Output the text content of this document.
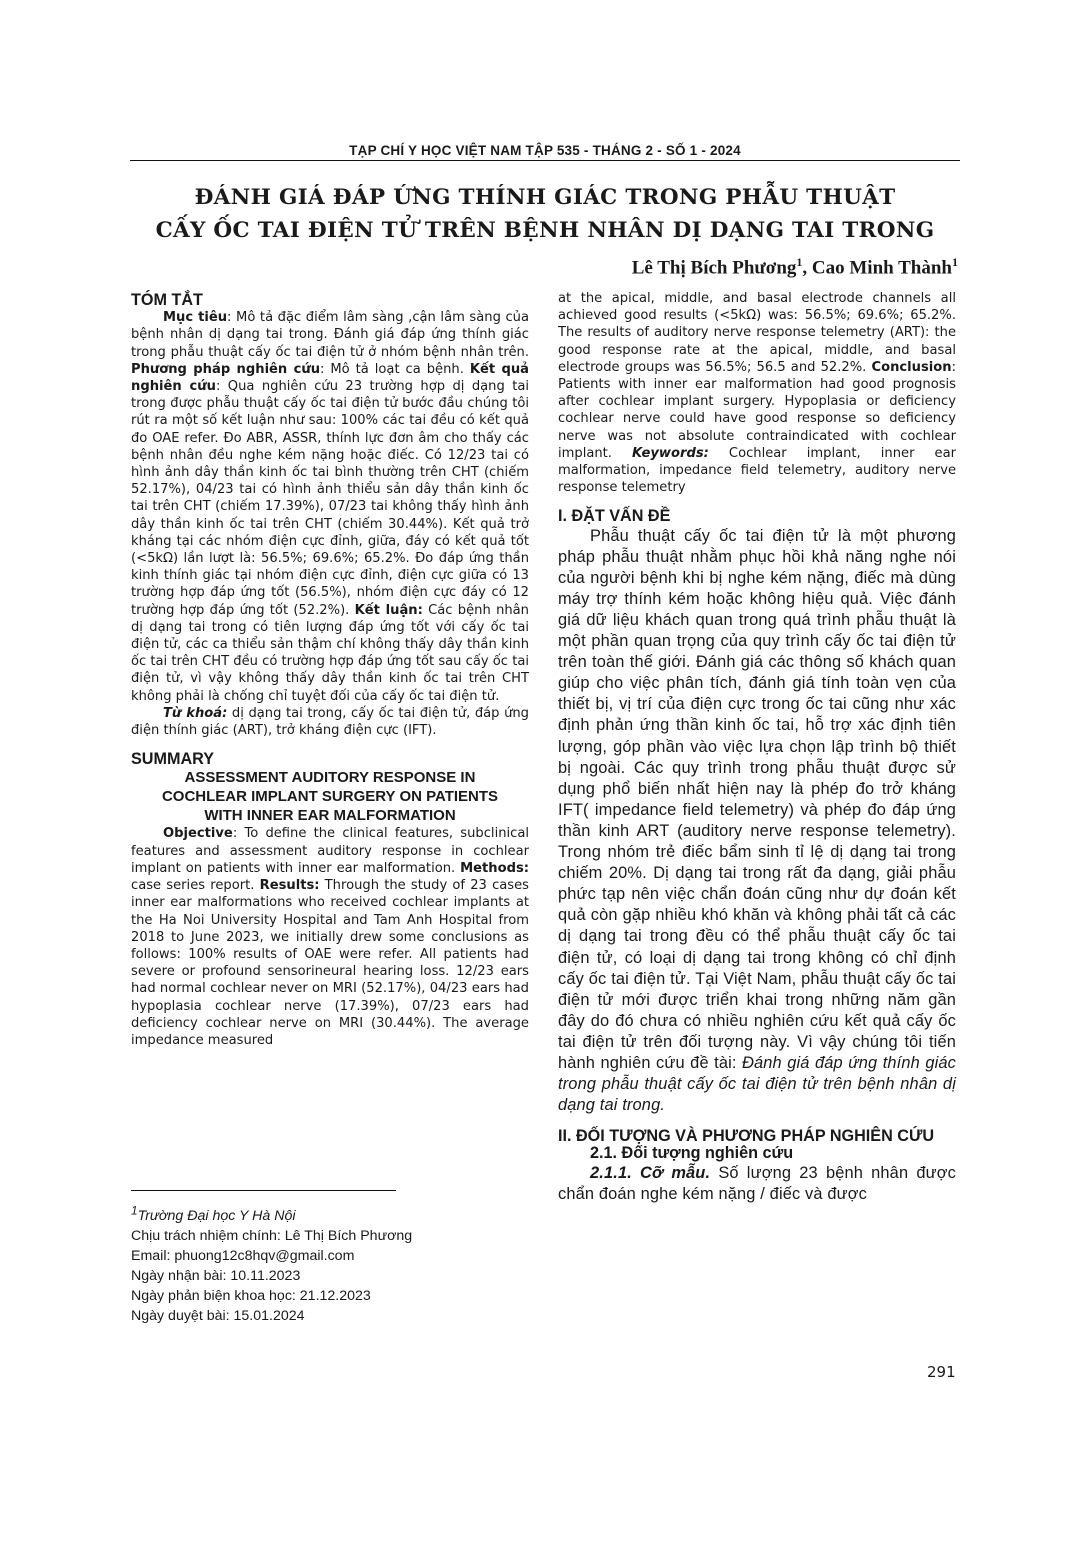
TẠP CHÍ Y HỌC VIỆT NAM TẬP 535 - THÁNG 2 - SỐ 1 - 2024
ĐÁNH GIÁ ĐÁP ỨNG THÍNH GIÁC TRONG PHẪU THUẬT
CẤY ỐC TAI ĐIỆN TỬ TRÊN BỆNH NHÂN DỊ DẠNG TAI TRONG
Lê Thị Bích Phương$^1$, Cao Minh Thành$^1$
TÓM TẮT

Mục tiêu: Mô tả đặc điểm lâm sàng ,cận lâm sàng của bệnh nhân dị dạng tai trong. Đánh giá đáp ứng thính giác trong phẫu thuật cấy ốc tai điện tử ở nhóm bệnh nhân trên. Phương pháp nghiên cứu: Mô tả loạt ca bệnh. Kết quả nghiên cứu: Qua nghiên cứu 23 trường hợp dị dạng tai trong được phẫu thuật cấy ốc tai điện tử bước đầu chúng tôi rút ra một số kết luận như sau: 100% các tai đều có kết quả đo OAE refer. Đo ABR, ASSR, thính lực đơn âm cho thấy các bệnh nhân đều nghe kém nặng hoặc điếc. Có 12/23 tai có hình ảnh dây thần kinh ốc tai bình thường trên CHT (chiếm 52.17%), 04/23 tai có hình ảnh thiểu sản dây thần kinh ốc tai trên CHT (chiếm 17.39%), 07/23 tai không thấy hình ảnh dây thần kinh ốc tai trên CHT (chiếm 30.44%). Kết quả trở kháng tại các nhóm điện cực đỉnh, giữa, đáy có kết quả tốt (<5kΩ) lần lượt là: 56.5%; 69.6%; 65.2%. Đo đáp ứng thần kinh thính giác tại nhóm điện cực đỉnh, điện cực giữa có 13 trường hợp đáp ứng tốt (56.5%), nhóm điện cực đáy có 12 trường hợp đáp ứng tốt (52.2%). Kết luận: Các bệnh nhân dị dạng tai trong có tiên lượng đáp ứng tốt với cấy ốc tai điện tử, các ca thiểu sản thậm chí không thấy dây thần kinh ốc tai trên CHT đều có trường hợp đáp ứng tốt sau cấy ốc tai điện tử, vì vậy không thấy dây thần kinh ốc tai trên CHT không phải là chống chỉ tuyệt đối của cấy ốc tai điện tử.

Từ khoá: dị dạng tai trong, cấy ốc tai điện tử, đáp ứng điện thính giác (ART), trở kháng điện cực (IFT).

SUMMARY
ASSESSMENT AUDITORY RESPONSE IN
COCHLEAR IMPLANT SURGERY ON PATIENTS
WITH INNER EAR MALFORMATION

Objective: To define the clinical features, subclinical features and assessment auditory response in cochlear implant on patients with inner ear malformation. Methods: case series report. Results: Through the study of 23 cases inner ear malformations who received cochlear implants at the Ha Noi University Hospital and Tam Anh Hospital from 2018 to June 2023, we initially drew some conclusions as follows: 100% results of OAE were refer. All patients had severe or profound sensorineural hearing loss. 12/23 ears had normal cochlear never on MRI (52.17%), 04/23 ears had hypoplasia cochlear nerve (17.39%), 07/23 ears had deficiency cochlear nerve on MRI (30.44%). The average impedance measured

$^1$Trường Đại học Y Hà Nội
Chịu trách nhiệm chính: Lê Thị Bích Phương
Email: phuong12c8hqv@gmail.com
Ngày nhận bài: 10.11.2023
Ngày phản biện khoa học: 21.12.2023
Ngày duyệt bài: 15.01.2024

at the apical, middle, and basal electrode channels all achieved good results (<5kΩ) was: 56.5%; 69.6%; 65.2%. The results of auditory nerve response telemetry (ART): the good response rate at the apical, middle, and basal electrode groups was 56.5%; 56.5 and 52.2%. Conclusion: Patients with inner ear malformation had good prognosis after cochlear implant surgery. Hypoplasia or deficiency cochlear nerve could have good response so deficiency nerve was not absolute contraindicated with cochlear implant. Keywords: Cochlear implant, inner ear malformation, impedance field telemetry, auditory nerve response telemetry

I. ĐẶT VẤN ĐỀ

Phẫu thuật cấy ốc tai điện tử là một phương pháp phẫu thuật nhằm phục hồi khả năng nghe nói của người bệnh khi bị nghe kém nặng, điếc mà dùng máy trợ thính kém hoặc không hiệu quả. Việc đánh giá dữ liệu khách quan trong quá trình phẫu thuật là một phần quan trọng của quy trình cấy ốc tai điện tử trên toàn thế giới. Đánh giá các thông số khách quan giúp cho việc phân tích, đánh giá tính toàn vẹn của thiết bị, vị trí của điện cực trong ốc tai cũng như xác định phản ứng thần kinh ốc tai, hỗ trợ xác định tiên lượng, góp phần vào việc lựa chọn lập trình bộ thiết bị ngoài. Các quy trình trong phẫu thuật được sử dụng phổ biến nhất hiện nay là phép đo trở kháng IFT( impedance field telemetry) và phép đo đáp ứng thần kinh ART (auditory nerve response telemetry). Trong nhóm trẻ điếc bẩm sinh tỉ lệ dị dạng tai trong chiếm 20%. Dị dạng tai trong rất đa dạng, giải phẫu phức tạp nên việc chẩn đoán cũng như dự đoán kết quả còn gặp nhiều khó khăn và không phải tất cả các dị dạng tai trong đều có thể phẫu thuật cấy ốc tai điện tử, có loại dị dạng tai trong không có chỉ định cấy ốc tai điện tử. Tại Việt Nam, phẫu thuật cấy ốc tai điện tử mới được triển khai trong những năm gần đây do đó chưa có nhiều nghiên cứu kết quả cấy ốc tai điện tử trên đối tượng này. Vì vậy chúng tôi tiến hành nghiên cứu đề tài: Đánh giá đáp ứng thính giác trong phẫu thuật cấy ốc tai điện tử trên bệnh nhân dị dạng tai trong.

II. ĐỐI TƯỢNG VÀ PHƯƠNG PHÁP NGHIÊN CỨU
2.1. Đối tượng nghiên cứu

2.1.1. Cỡ mẫu. Số lượng 23 bệnh nhân được chẩn đoán nghe kém nặng / điếc và được

291
